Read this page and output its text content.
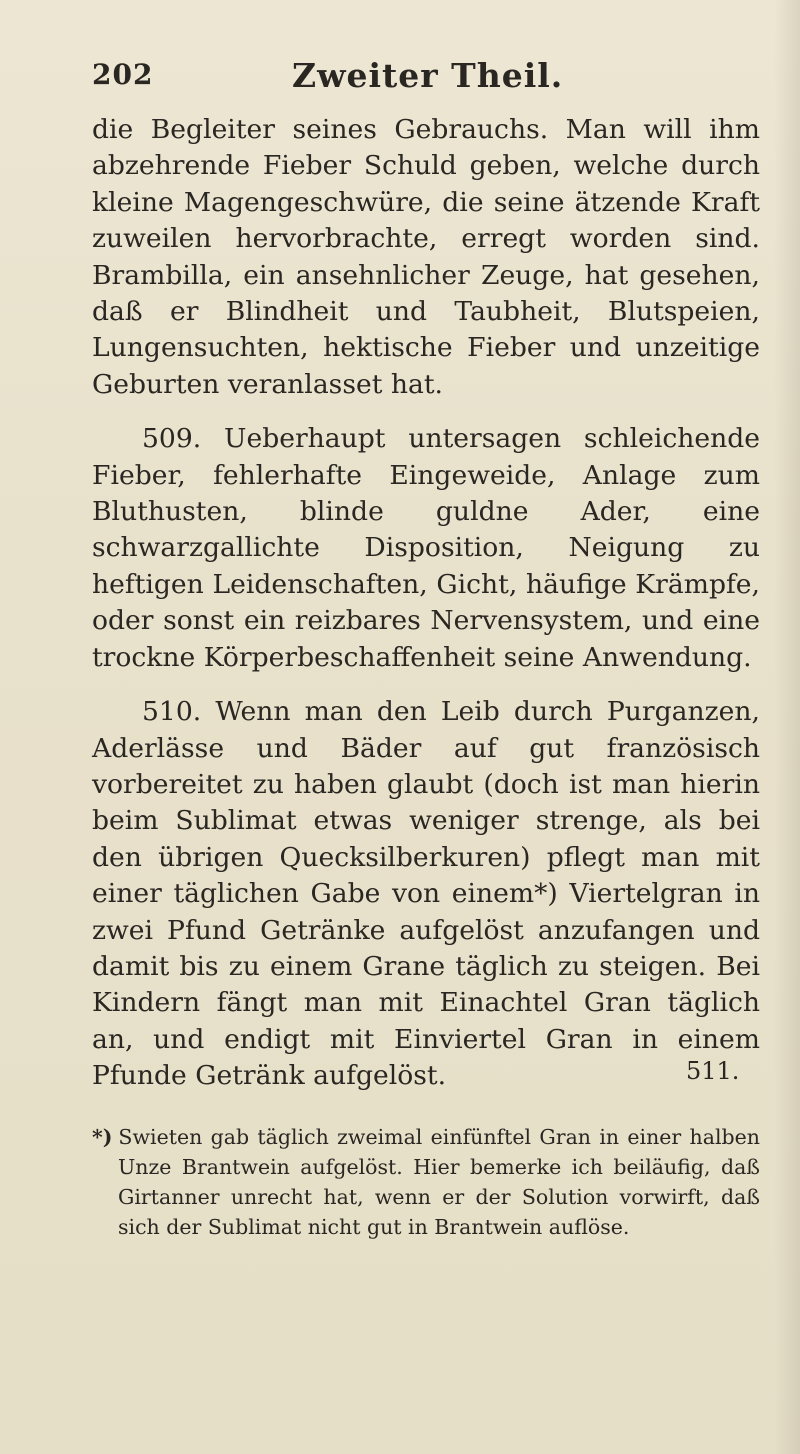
202	Zweiter Theil.

die Begleiter seines Gebrauchs. Man will ihm abzehrende Fieber Schuld geben, welche durch kleine Magengeschwüre, die seine ätzende Kraft zuweilen hervorbrachte, erregt worden sind. Brambilla, ein ansehnlicher Zeuge, hat gesehen, daß er Blindheit und Taubheit, Blutspeien, Lungensuchten, hektische Fieber und unzeitige Geburten veranlasset hat.

509. Ueberhaupt untersagen schleichende Fieber, fehlerhafte Eingeweide, Anlage zum Bluthusten, blinde guldne Ader, eine schwarzgallichte Disposition, Neigung zu heftigen Leidenschaften, Gicht, häufige Krämpfe, oder sonst ein reizbares Nervensystem, und eine trockne Körperbeschaffenheit seine Anwendung.

510. Wenn man den Leib durch Purganzen, Aderlässe und Bäder auf gut französisch vorbereitet zu haben glaubt (doch ist man hierin beim Sublimat etwas weniger strenge, als bei den übrigen Quecksilberkuren) pflegt man mit einer täglichen Gabe von einem*) Viertelgran in zwei Pfund Getränke aufgelöst anzufangen und damit bis zu einem Grane täglich zu steigen. Bei Kindern fängt man mit Einachtel Gran täglich an, und endigt mit Einviertel Gran in einem Pfunde Getränk aufgelöst.	511.
*) Swieten gab täglich zweimal einfünftel Gran in einer halben Unze Brantwein aufgelöst. Hier bemerke ich beiläufig, daß Girtanner unrecht hat, wenn er der Solution vorwirft, daß sich der Sublimat nicht gut in Brantwein auflöse.
